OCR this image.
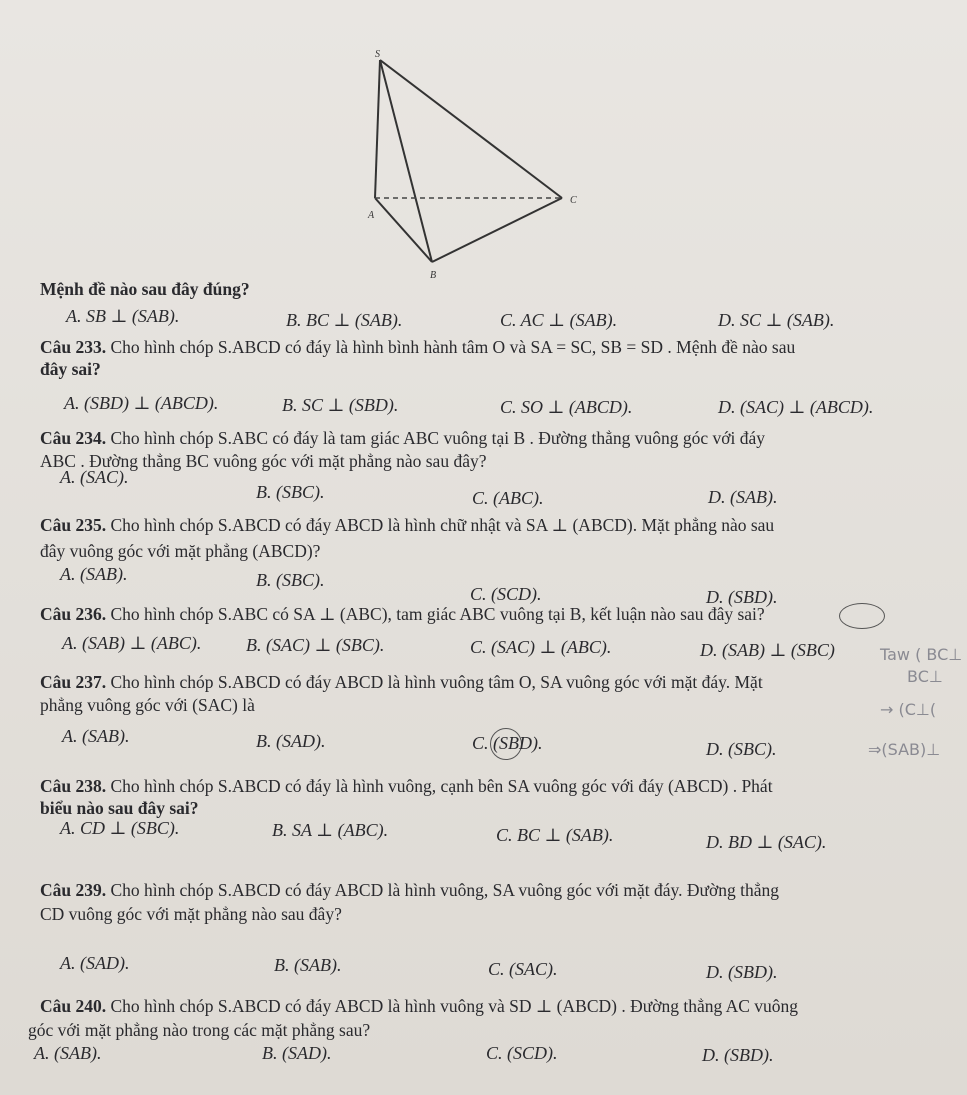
S
A
B
C
Mệnh đề nào sau đây đúng?
A. SB ⊥ (SAB).	B. BC ⊥ (SAB).	C. AC ⊥ (SAB).	D. SC ⊥ (SAB).
Câu 233. Cho hình chóp S.ABCD có đáy là hình bình hành tâm O và SA = SC, SB = SD . Mệnh đề nào sau
đây sai?
A. (SBD) ⊥ (ABCD).	B. SC ⊥ (SBD).	C. SO ⊥ (ABCD).	D. (SAC) ⊥ (ABCD).
Câu 234. Cho hình chóp S.ABC có đáy là tam giác ABC vuông tại B . Đường thẳng vuông góc với đáy
ABC . Đường thẳng BC vuông góc với mặt phẳng nào sau đây?
A. (SAC).
B. (SBC).	C. (ABC).	D. (SAB).
Câu 235. Cho hình chóp S.ABCD có đáy ABCD là hình chữ nhật và SA ⊥ (ABCD). Mặt phẳng nào sau
đây vuông góc với mặt phẳng (ABCD)?
A. (SAB).	B. (SBC).
C. (SCD).	D. (SBD).
Câu 236. Cho hình chóp S.ABC có SA ⊥ (ABC), tam giác ABC vuông tại B, kết luận nào sau đây sai?
A. (SAB) ⊥ (ABC). B. (SAC) ⊥ (SBC).	C. (SAC) ⊥ (ABC).	D. (SAB) ⊥ (SBC)
Câu 237. Cho hình chóp S.ABCD có đáy ABCD là hình vuông tâm O, SA vuông góc với mặt đáy. Mặt
phẳng vuông góc với (SAC) là
A. (SAB).	B. (SAD).	C. (SBD).	D. (SBC).
Câu 238. Cho hình chóp S.ABCD có đáy là hình vuông, cạnh bên SA vuông góc với đáy (ABCD) . Phát
biểu nào sau đây sai?
A. CD ⊥ (SBC).	B. SA ⊥ (ABC).	C. BC ⊥ (SAB).	D. BD ⊥ (SAC).
Câu 239. Cho hình chóp S.ABCD có đáy ABCD là hình vuông, SA vuông góc với mặt đáy. Đường thẳng
CD vuông góc với mặt phẳng nào sau đây?
A. (SAD).	B. (SAB).	C. (SAC).	D. (SBD).
Câu 240. Cho hình chóp S.ABCD có đáy ABCD là hình vuông và SD ⊥ (ABCD) . Đường thẳng AC vuông
góc với mặt phẳng nào trong các mặt phẳng sau?
A. (SAB).	B. (SAD).	C. (SCD).	D. (SBD).
Taw ( BC⊥
BC⊥
→ (C⊥(
⇒(SAB)⊥
